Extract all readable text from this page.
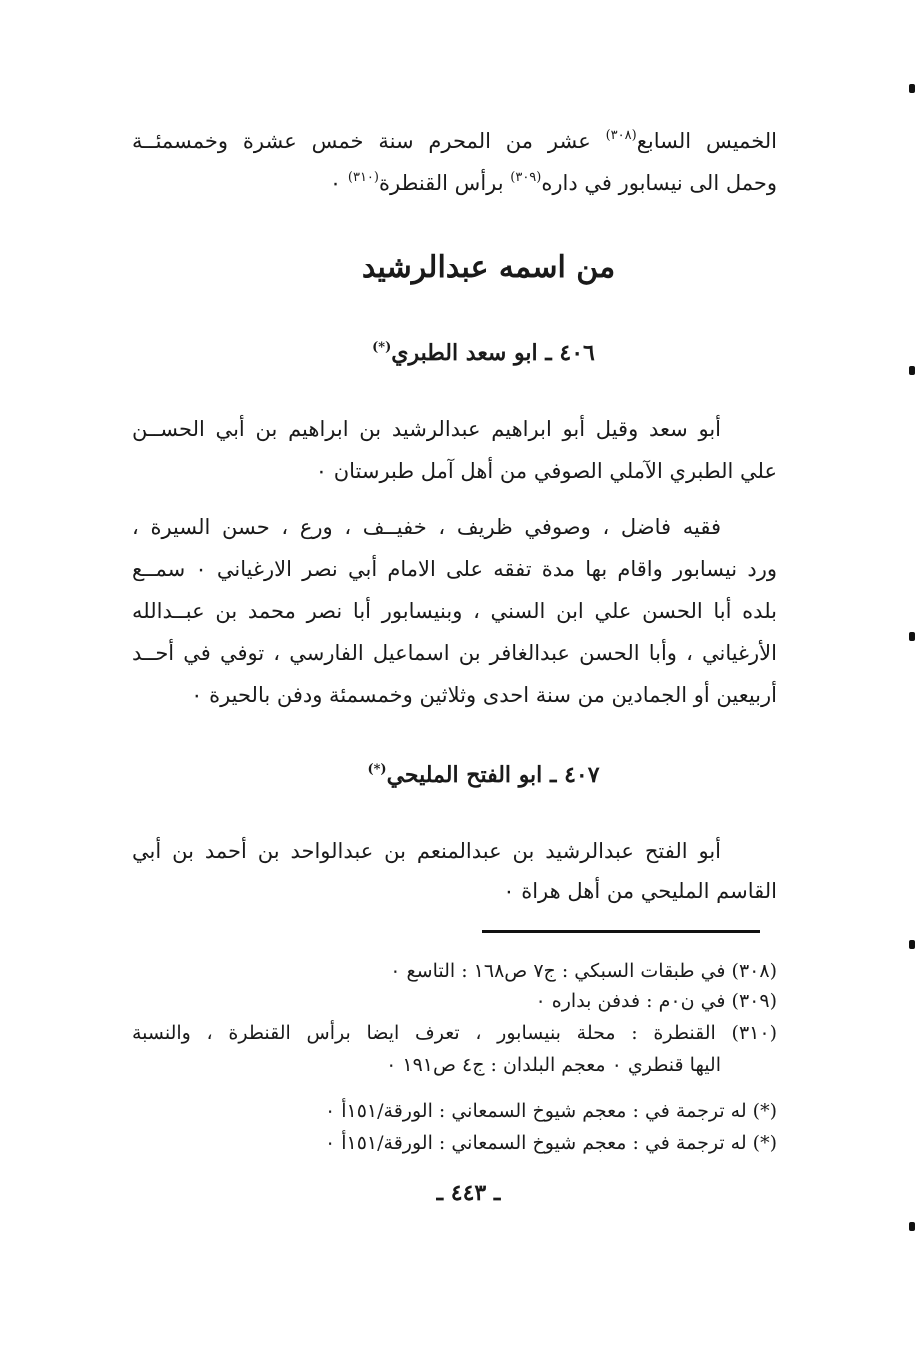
الخميس السابع$^{(٣٠٨)}$ عشر من المحرم سنة خمس عشرة وخمسمئــة
وحمل الى نيسابور في داره$^{(٣٠٩)}$ برأس القنطرة$^{(٣١٠)}$ ٠
من اسمه عبدالرشيد
٤٠٦ ـ ابو سعد الطبري(*)
أبو سعد وقيل أبو ابراهيم عبدالرشيد بن ابراهيم بن أبي الحســن
علي الطبري الآملي الصوفي من أهل آمل طبرستان ٠
فقيه فاضل ، وصوفي ظريف ، خفيــف ، ورع ، حسن السيرة ،
ورد نيسابور واقام بها مدة تفقه على الامام أبي نصر الارغياني ٠ سمــع
بلده أبا الحسن علي ابن السني ، وبنيسابور أبا نصر محمد بن عبــدالله
الأرغياني ، وأبا الحسن عبدالغافر بن اسماعيل الفارسي ، توفي في أحــد
أربيعين أو الجمادين من سنة احدى وثلاثين وخمسمئة ودفن بالحيرة ٠
٤٠٧ ـ ابو الفتح المليحي(*)
أبو الفتح عبدالرشيد بن عبدالمنعم بن عبدالواحد بن أحمد بن أبي
القاسم المليحي من أهل هراة ٠
(٣٠٨) في طبقات السبكي : ج٧ ص١٦٨ : التاسع ٠
(٣٠٩) في ن٠م : فدفن بداره ٠
(٣١٠) القنطرة : محلة بنيسابور ، تعرف ايضا برأس القنطرة ، والنسبة
اليها قنطري ٠ معجم البلدان : ج٤ ص١٩١ ٠
(*) له ترجمة في : معجم شيوخ السمعاني : الورقة/١٥١أ ٠
(*) له ترجمة في : معجم شيوخ السمعاني : الورقة/١٥١أ ٠
ـ ٤٤٣ ـ
